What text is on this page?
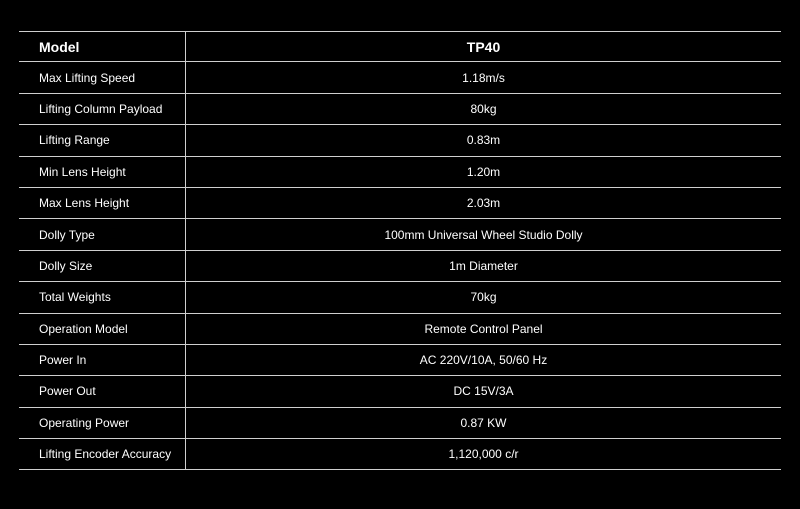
Model	TP40
Max Lifting Speed	1.18m/s
Lifting Column Payload	80kg
Lifting Range	0.83m
Min Lens Height	1.20m
Max Lens Height	2.03m
Dolly Type	100mm Universal Wheel Studio Dolly
Dolly Size	1m Diameter
Total Weights	70kg
Operation Model	Remote Control Panel
Power In	AC 220V/10A, 50/60 Hz
Power Out	DC 15V/3A
Operating Power	0.87 KW
Lifting Encoder Accuracy	1,120,000 c/r
